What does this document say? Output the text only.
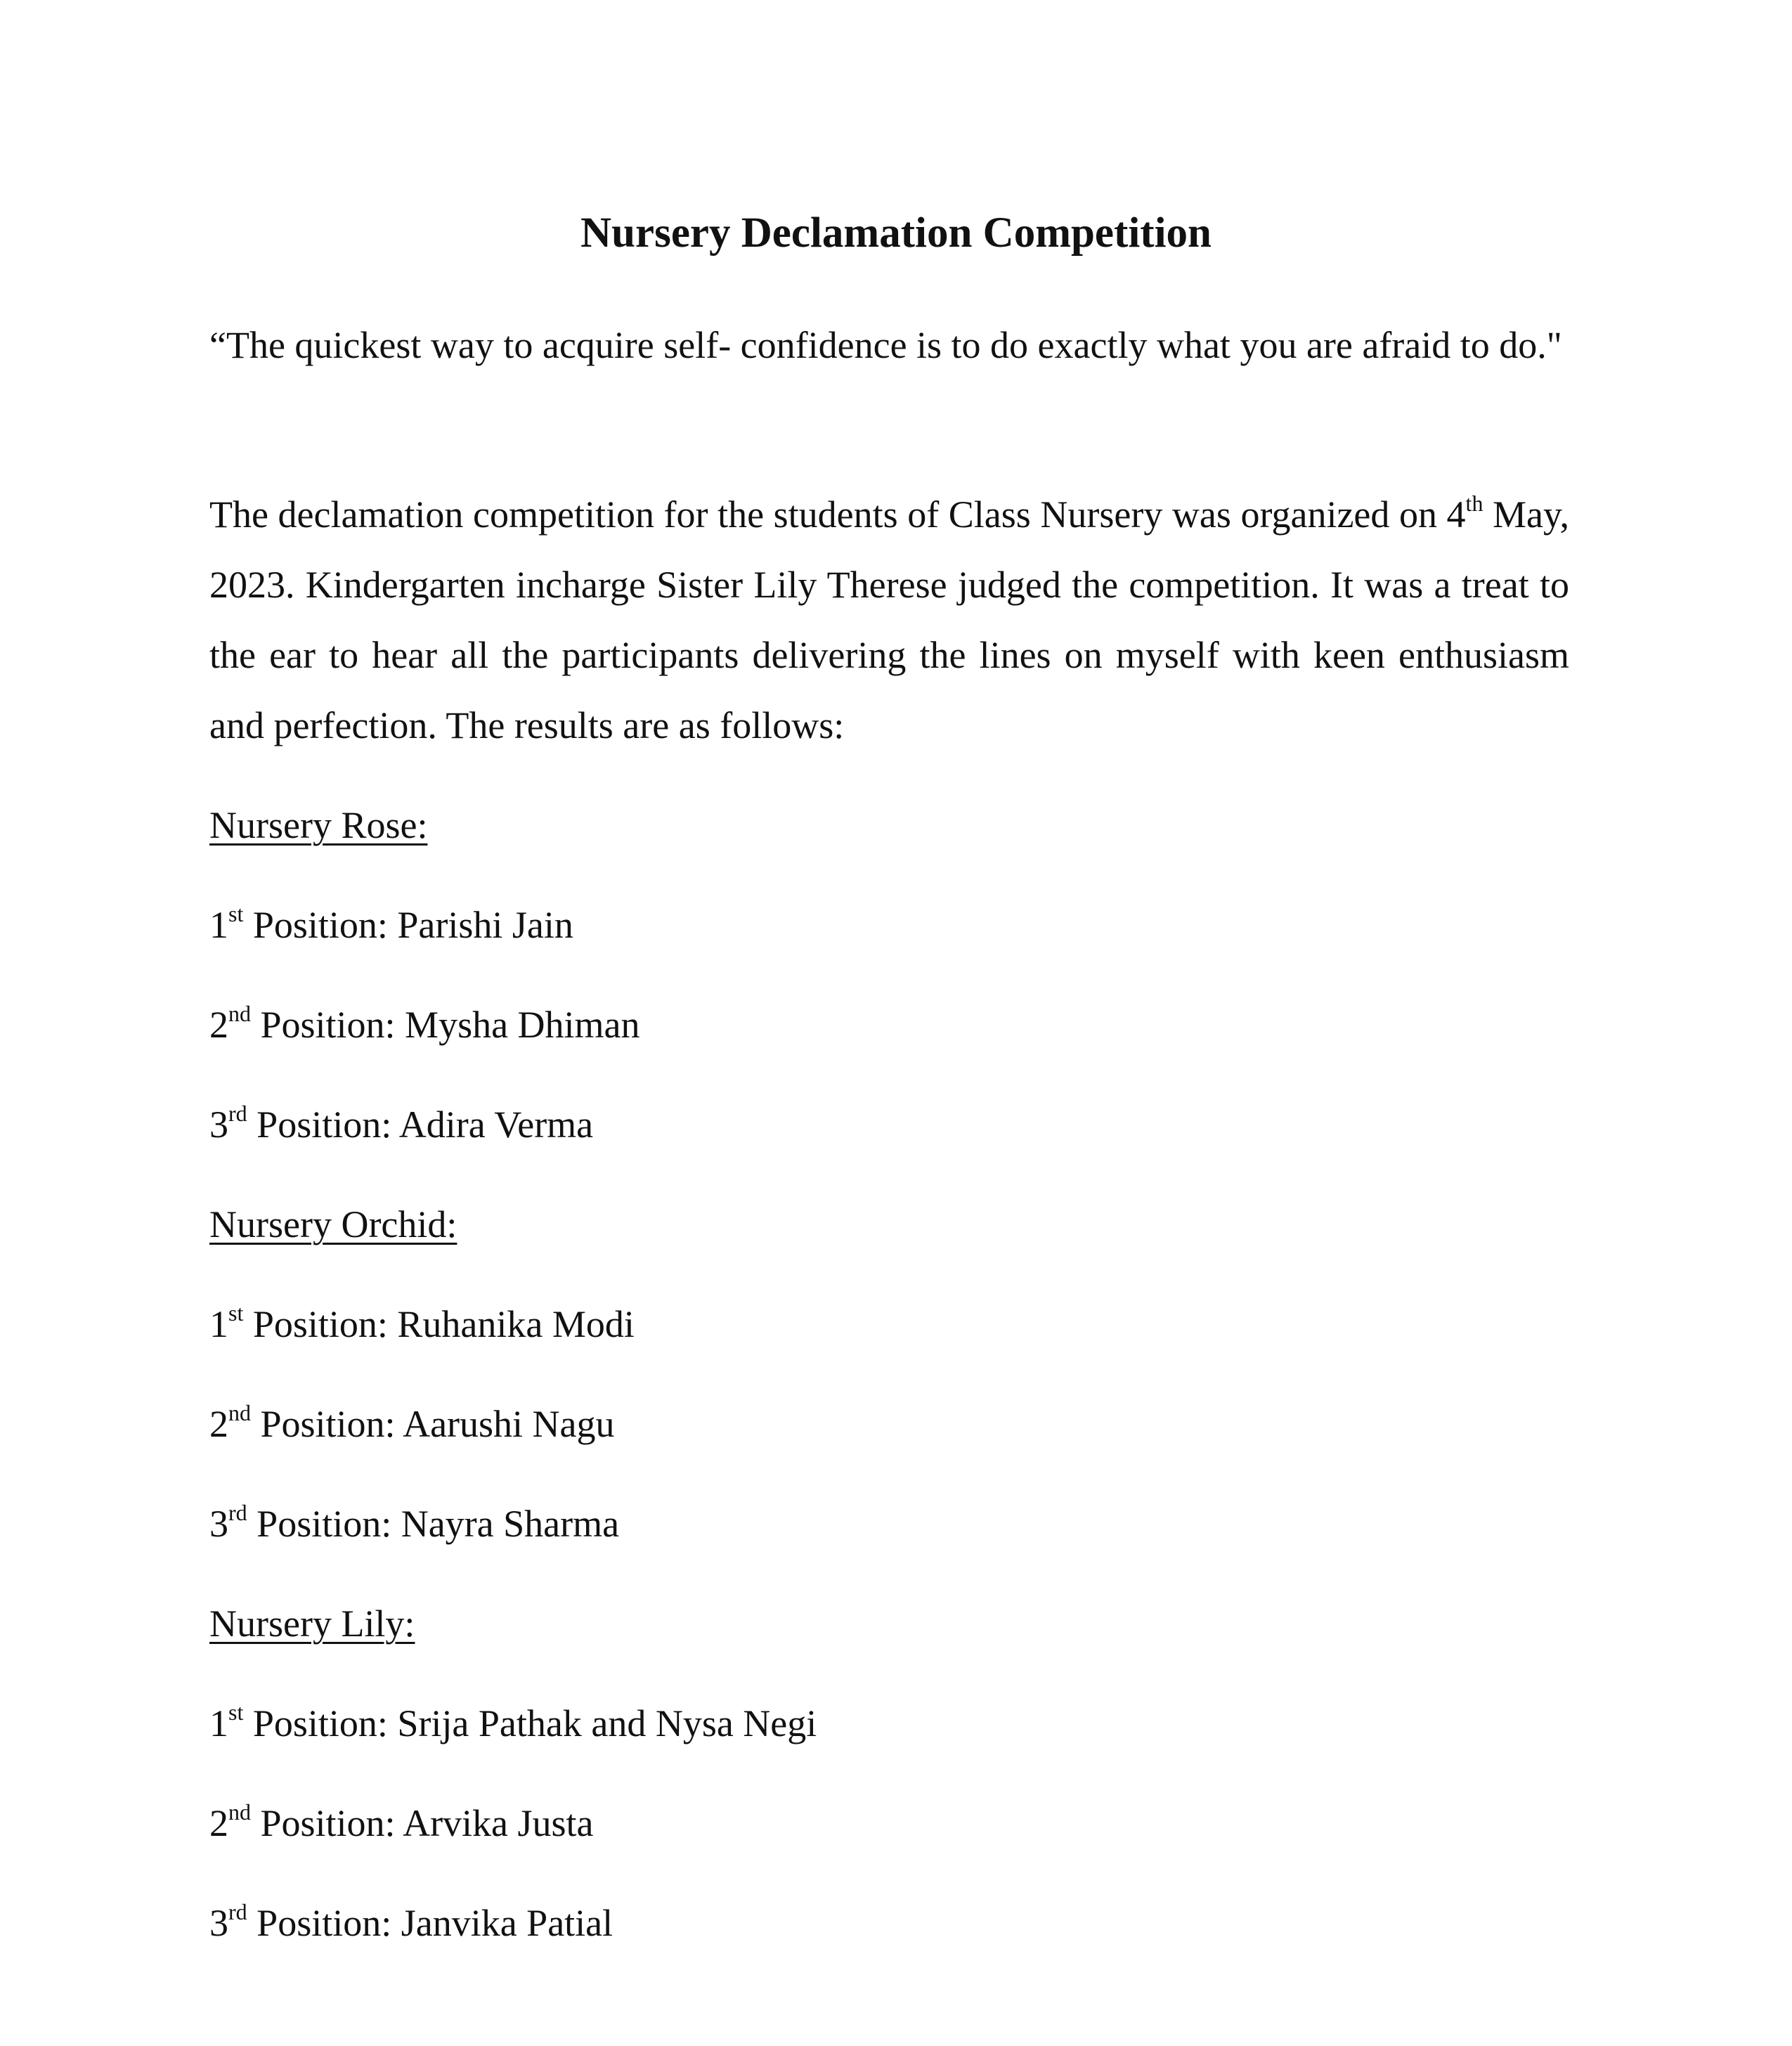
Nursery Declamation Competition

“The quickest way to acquire self- confidence is to do exactly what you are afraid to do."

The declamation competition for the students of Class Nursery was organized on 4th May, 2023. Kindergarten incharge Sister Lily Therese judged the competition. It was a treat to the ear to hear all the participants delivering the lines on myself with keen enthusiasm and perfection. The results are as follows:

Nursery Rose:

1st Position: Parishi Jain

2nd Position: Mysha Dhiman

3rd Position: Adira Verma

Nursery Orchid:

1st Position: Ruhanika Modi

2nd Position: Aarushi Nagu

3rd Position: Nayra Sharma

Nursery Lily:

1st Position: Srija Pathak and Nysa Negi

2nd Position: Arvika Justa

3rd Position: Janvika Patial
